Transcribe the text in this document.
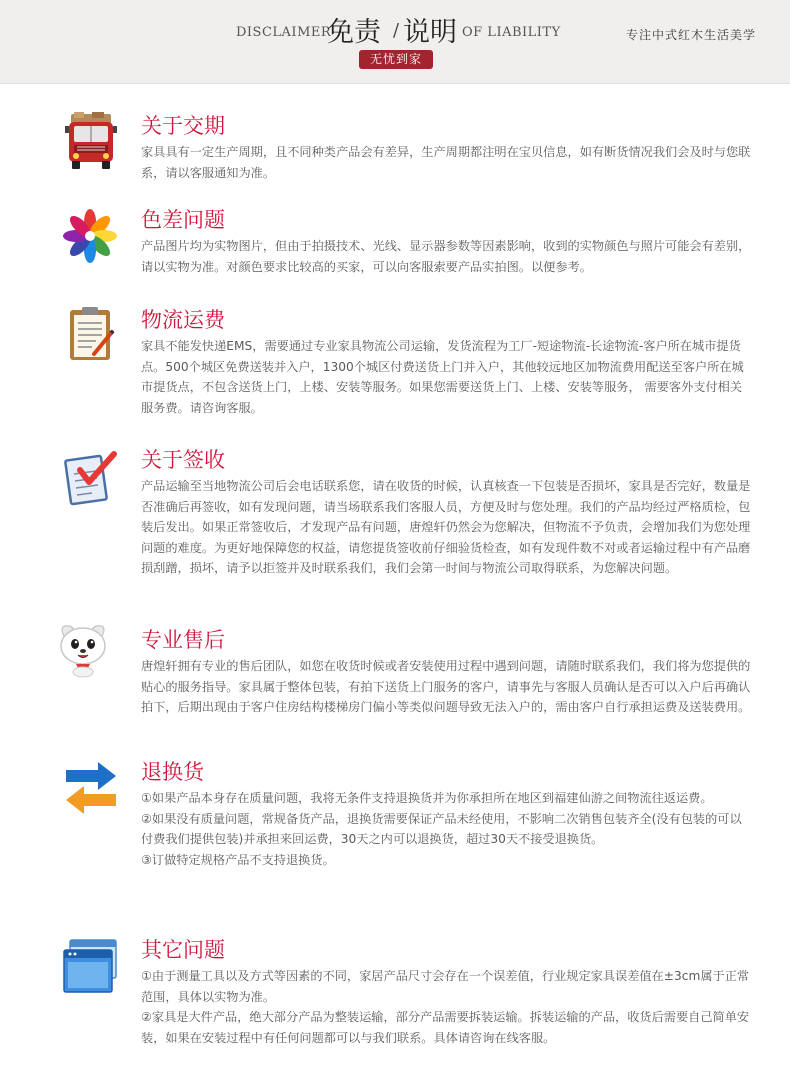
DISCLAIMER
免责 / 说明 OF LIABILITY
无忧到家
专注中式红木生活美学
关于交期

家具具有一定生产周期，且不同种类产品会有差异，生产周期都注明在宝贝信息，如有断货情况我们会及时与您联系，请以客服通知为准。

色差问题

产品图片均为实物图片，但由于拍摄技术、光线、显示器参数等因素影响，收到的实物颜色与照片可能会有差别，请以实物为准。对颜色要求比较高的买家，可以向客服索要产品实拍图。以便参考。

物流运费

家具不能发快递EMS，需要通过专业家具物流公司运输，发货流程为工厂-短途物流-长途物流-客户所在城市提货点。500个城区免费送装并入户，1300个城区付费送货上门并入户，其他较远地区加物流费用配送至客户所在城市提货点，不包含送货上门，上楼、安装等服务。如果您需要送货上门、上楼、安装等服务， 需要客外支付相关服务费。请咨询客服。

关于签收

产品运输至当地物流公司后会电话联系您，请在收货的时候，认真核查一下包装是否损坏，家具是否完好，数量是否准确后再签收，如有发现问题，请当场联系我们客服人员，方便及时与您处理。我们的产品均经过严格质检，包装后发出。如果正常签收后，才发现产品有问题，唐煌轩仍然会为您解决，但物流不予负责，会增加我们为您处理问题的难度。为更好地保障您的权益，请您提货签收前仔细验货检查，如有发现件数不对或者运输过程中有产品磨损刮蹭，损坏，请予以拒签并及时联系我们，我们会第一时间与物流公司取得联系，为您解决问题。

专业售后

唐煌轩拥有专业的售后团队，如您在收货时候或者安装使用过程中遇到问题，请随时联系我们，我们将为您提供的贴心的服务指导。家具属于整体包装，有拍下送货上门服务的客户，请事先与客服人员确认是否可以入户后再确认拍下，后期出现由于客户住房结构楼梯房门偏小等类似问题导致无法入户的，需由客户自行承担运费及送装费用。

退换货

①如果产品本身存在质量问题，我将无条件支持退换货并为你承担所在地区到福建仙游之间物流往返运费。

②如果没有质量问题，常规备货产品，退换货需要保证产品未经使用，不影响二次销售包装齐全(没有包装的可以付费我们提供包装)并承担来回运费，30天之内可以退换货，超过30天不接受退换货。

③订做特定规格产品不支持退换货。

其它问题

①由于测量工具以及方式等因素的不同，家居产品尺寸会存在一个误差值，行业规定家具误差值在±3cm属于正常范围，具体以实物为准。

②家具是大件产品，绝大部分产品为整装运输，部分产品需要拆装运输。拆装运输的产品，收货后需要自己简单安装，如果在安装过程中有任何问题都可以与我们联系。具体请咨询在线客服。
